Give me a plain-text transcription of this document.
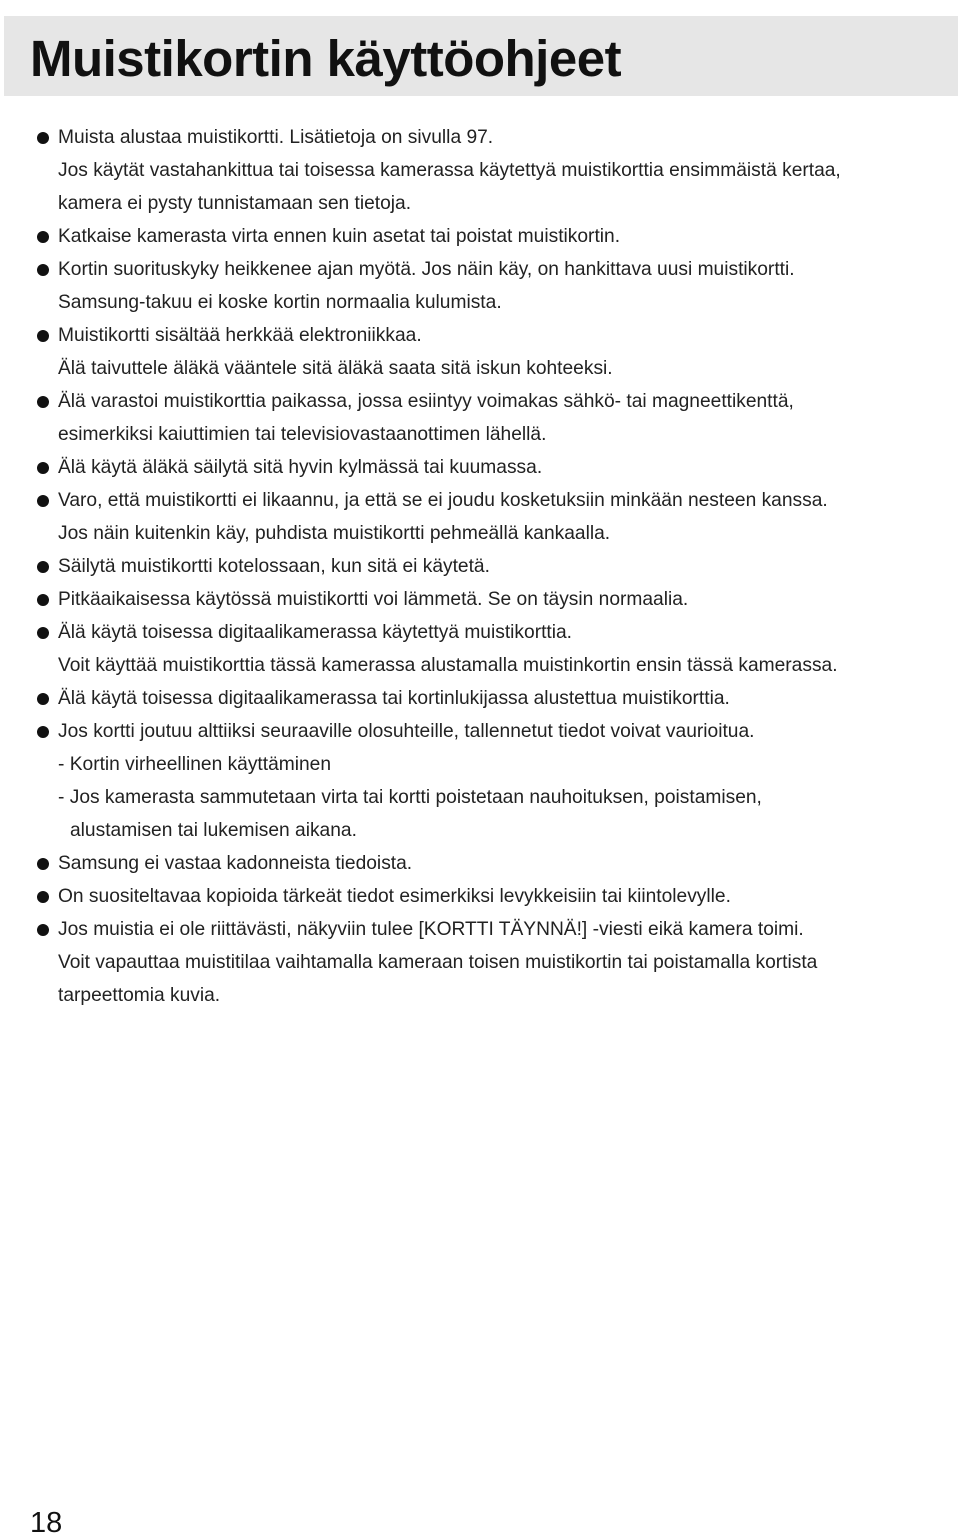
Muistikortin käyttöohjeet
Muista alustaa muistikortti. Lisätietoja on sivulla 97.
Jos käytät vastahankittua tai toisessa kamerassa käytettyä muistikorttia ensimmäistä kertaa,
kamera ei pysty tunnistamaan sen tietoja.
Katkaise kamerasta virta ennen kuin asetat tai poistat muistikortin.
Kortin suorituskyky heikkenee ajan myötä. Jos näin käy, on hankittava uusi muistikortti.
Samsung-takuu ei koske kortin normaalia kulumista.
Muistikortti sisältää herkkää elektroniikkaa.
Älä taivuttele äläkä vääntele sitä äläkä saata sitä iskun kohteeksi.
Älä varastoi muistikorttia paikassa, jossa esiintyy voimakas sähkö- tai magneettikenttä,
esimerkiksi kaiuttimien tai televisiovastaanottimen lähellä.
Älä käytä äläkä säilytä sitä hyvin kylmässä tai kuumassa.
Varo, että muistikortti ei likaannu, ja että se ei joudu kosketuksiin minkään nesteen kanssa.
Jos näin kuitenkin käy, puhdista muistikortti pehmeällä kankaalla.
Säilytä muistikortti kotelossaan, kun sitä ei käytetä.
Pitkäaikaisessa käytössä muistikortti voi lämmetä. Se on täysin normaalia.
Älä käytä toisessa digitaalikamerassa käytettyä muistikorttia.
Voit käyttää muistikorttia tässä kamerassa alustamalla muistinkortin ensin tässä kamerassa.
Älä käytä toisessa digitaalikamerassa tai kortinlukijassa alustettua muistikorttia.
Jos kortti joutuu alttiiksi seuraaville olosuhteille, tallennetut tiedot voivat vaurioitua.
- Kortin virheellinen käyttäminen
- Jos kamerasta sammutetaan virta tai kortti poistetaan nauhoituksen, poistamisen,
alustamisen tai lukemisen aikana.
Samsung ei vastaa kadonneista tiedoista.
On suositeltavaa kopioida tärkeät tiedot esimerkiksi levykkeisiin tai kiintolevylle.
Jos muistia ei ole riittävästi, näkyviin tulee [KORTTI TÄYNNÄ!] -viesti eikä kamera toimi.
Voit vapauttaa muistitilaa vaihtamalla kameraan toisen muistikortin tai poistamalla kortista
tarpeettomia kuvia.
18
